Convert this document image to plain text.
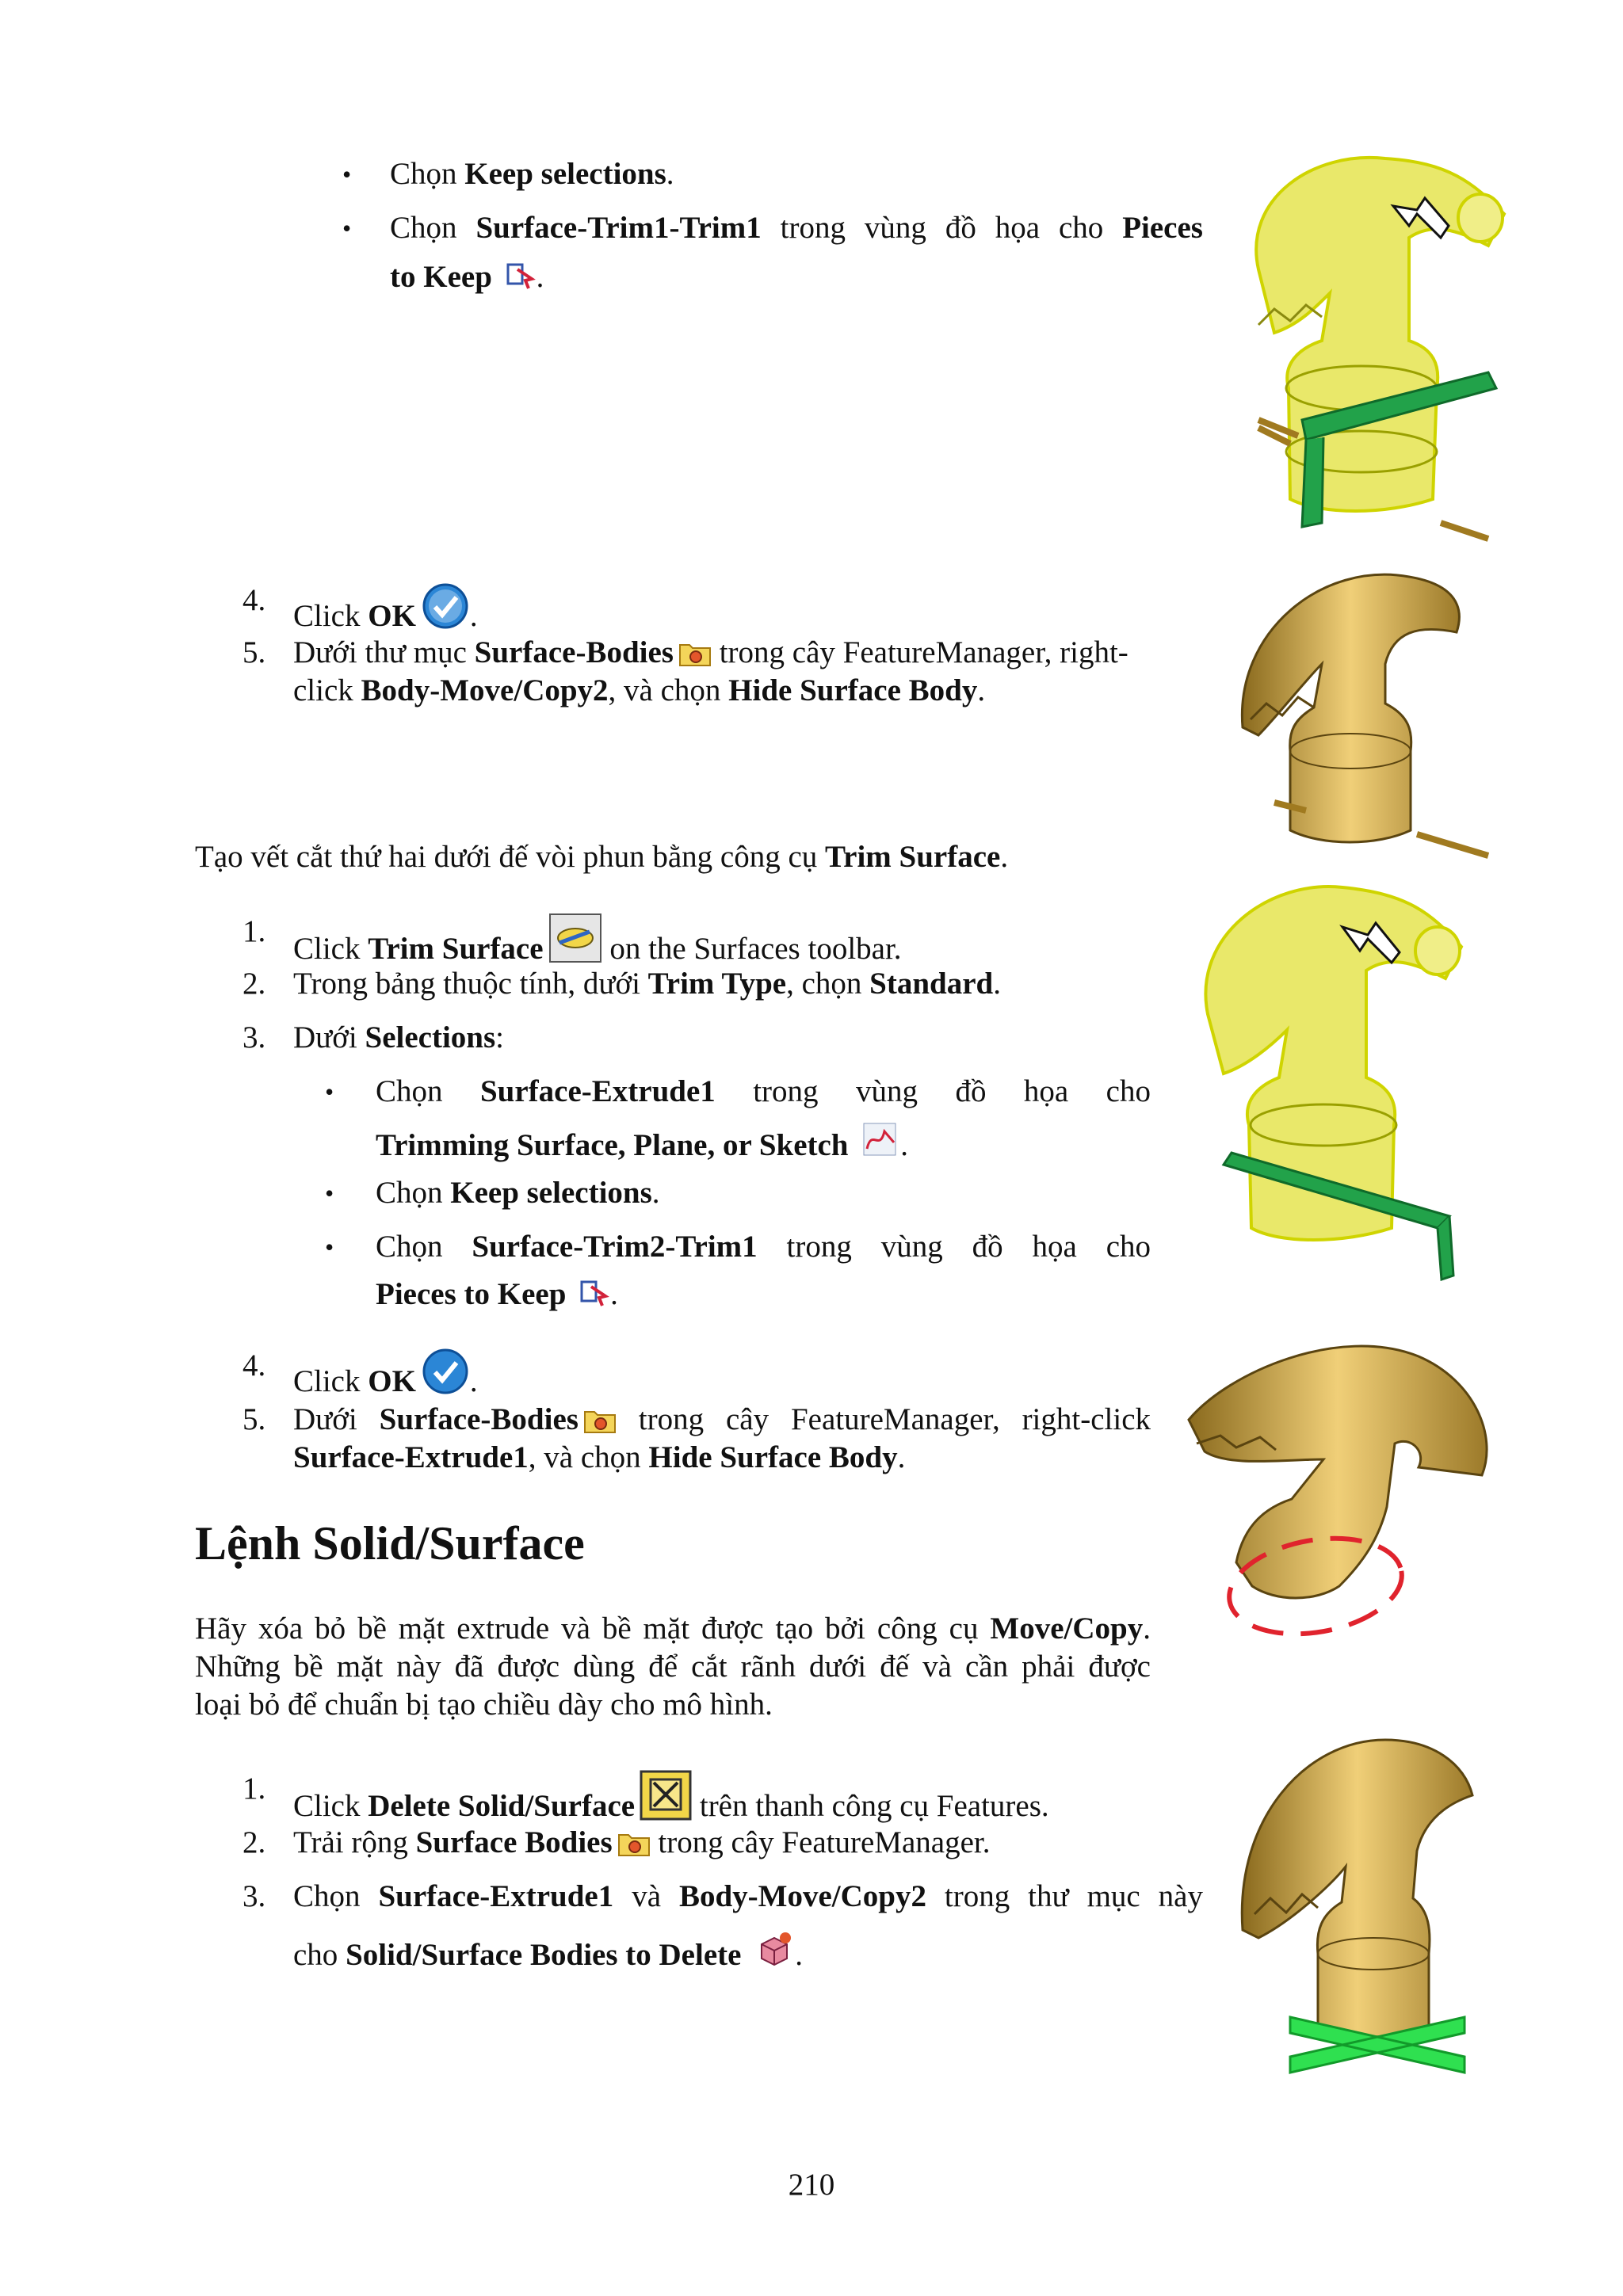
• Chọn Keep selections.
• Chọn Surface-Trim1-Trim1 trong vùng đồ họa cho Pieces
to Keep .
4. Click OK .
5. Dưới thư mục Surface-Bodies trong cây FeatureManager, right-
click Body-Move/Copy2, và chọn Hide Surface Body.
Tạo vết cắt thứ hai dưới đế vòi phun bằng công cụ Trim Surface.
1.
Click Trim Surface on the Surfaces toolbar.
2. Trong bảng thuộc tính, dưới Trim Type, chọn Standard.
3. Dưới Selections:
• Chọn Surface-Extrude1 trong vùng đồ họa cho
Trimming Surface, Plane, or Sketch .
• Chọn Keep selections.
• Chọn Surface-Trim2-Trim1 trong vùng đồ họa cho
Pieces to Keep .
4. Click OK .
5. Dưới Surface-Bodies	trong cây FeatureManager, right-click
Surface-Extrude1, và chọn Hide Surface Body.
Lệnh Solid/Surface
Hãy xóa bỏ bề mặt extrude và bề mặt được tạo bởi công cụ Move/Copy.
Những bề mặt này đã được dùng để cắt rãnh dưới đế và cần phải được
loại bỏ để chuẩn bị tạo chiều dày cho mô hình.
1.
Click Delete Solid/Surface trên thanh công cụ Features.
2. Trải rộng Surface Bodies trong cây FeatureManager.
3. Chọn Surface-Extrude1 và Body-Move/Copy2 trong thư mục này
cho Solid/Surface Bodies to Delete .
210
